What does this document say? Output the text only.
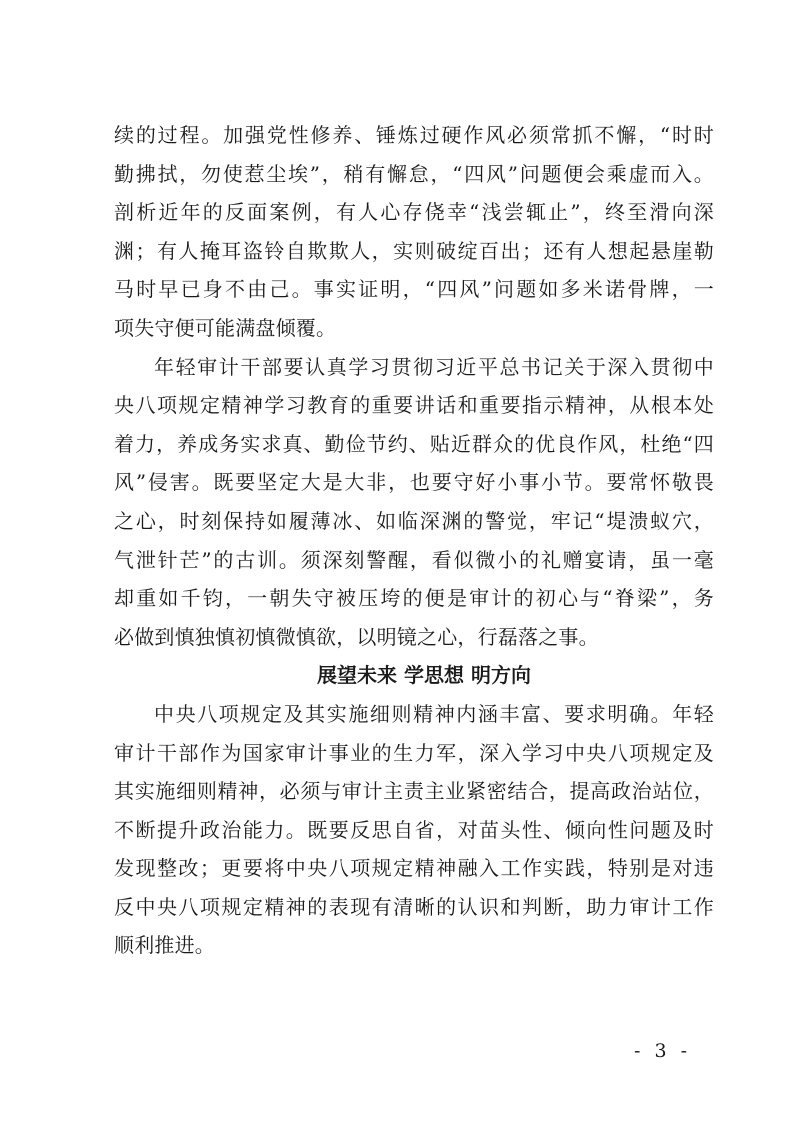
续的过程。加强党性修养、锤炼过硬作风必须常抓不懈，“时时
勤拂拭，勿使惹尘埃”，稍有懈怠，“四风”问题便会乘虚而入。
剖析近年的反面案例，有人心存侥幸“浅尝辄止”，终至滑向深
渊；有人掩耳盗铃自欺欺人，实则破绽百出；还有人想起悬崖勒
马时早已身不由己。事实证明，“四风”问题如多米诺骨牌，一
项失守便可能满盘倾覆。
年轻审计干部要认真学习贯彻习近平总书记关于深入贯彻中
央八项规定精神学习教育的重要讲话和重要指示精神，从根本处
着力，养成务实求真、勤俭节约、贴近群众的优良作风，杜绝“四
风”侵害。既要坚定大是大非，也要守好小事小节。要常怀敬畏
之心，时刻保持如履薄冰、如临深渊的警觉，牢记“堤溃蚁穴，
气泄针芒”的古训。须深刻警醒，看似微小的礼赠宴请，虽一毫
却重如千钧，一朝失守被压垮的便是审计的初心与“脊梁”，务
必做到慎独慎初慎微慎欲，以明镜之心，行磊落之事。
展望未来 学思想 明方向
中央八项规定及其实施细则精神内涵丰富、要求明确。年轻
审计干部作为国家审计事业的生力军，深入学习中央八项规定及
其实施细则精神，必须与审计主责主业紧密结合，提高政治站位，
不断提升政治能力。既要反思自省，对苗头性、倾向性问题及时
发现整改；更要将中央八项规定精神融入工作实践，特别是对违
反中央八项规定精神的表现有清晰的认识和判断，助力审计工作
顺利推进。
- 3 -
